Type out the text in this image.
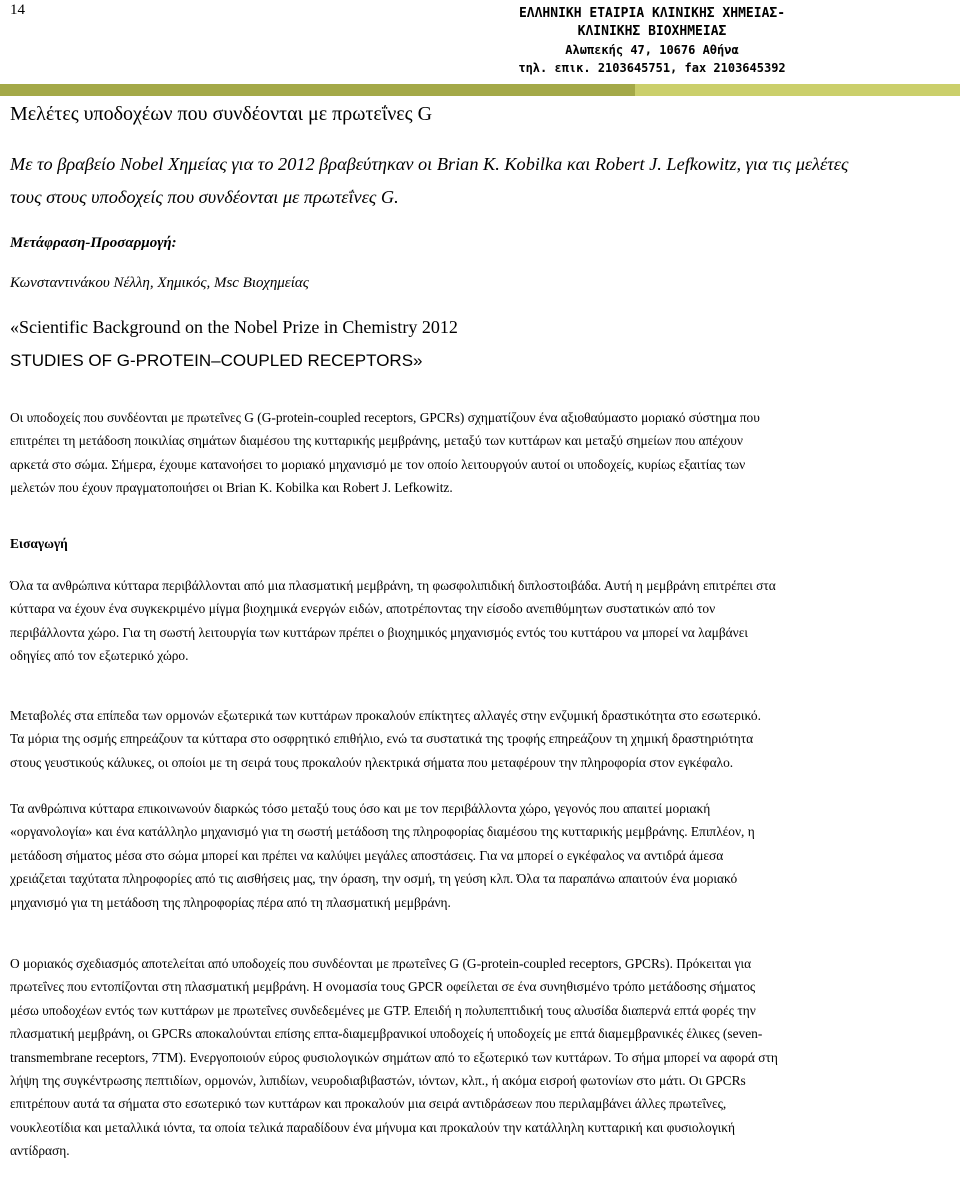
14	ΕΛΛΗΝΙΚΗ ΕΤΑΙΡΙΑ ΚΛΙΝΙΚΗΣ ΧΗΜΕΙΑΣ-
ΚΛΙΝΙΚΗΣ ΒΙΟΧΗΜΕΙΑΣ
Αλωπεκής 47, 10676 Αθήνα
τηλ. επικ. 2103645751, fax 2103645392
Μελέτες υποδοχέων που συνδέονται με πρωτεΐνες G
Με το βραβείο Nobel Χημείας για το 2012 βραβεύτηκαν οι Brian K. Kobilka και Robert J. Lefkowitz, για τις μελέτες
τους στους υποδοχείς που συνδέονται με πρωτεΐνες G.
Μετάφραση-Προσαρμογή:
Κωνσταντινάκου Νέλλη, Χημικός, Msc Βιοχημείας
«Scientific Background on the Nobel Prize in Chemistry 2012
STUDIES OF G-PROTEIN–COUPLED RECEPTORS»
Οι υποδοχείς που συνδέονται με πρωτεΐνες G (G-protein-coupled receptors, GPCRs) σχηματίζουν ένα αξιοθαύμαστο μοριακό σύστημα που
επιτρέπει τη μετάδοση ποικιλίας σημάτων διαμέσου της κυτταρικής μεμβράνης, μεταξύ των κυττάρων και μεταξύ σημείων που απέχουν
αρκετά στο σώμα. Σήμερα, έχουμε κατανοήσει το μοριακό μηχανισμό με τον οποίο λειτουργούν αυτοί οι υποδοχείς, κυρίως εξαιτίας των
μελετών που έχουν πραγματοποιήσει οι Brian K. Kobilka και Robert J. Lefkowitz.
Εισαγωγή
Όλα τα ανθρώπινα κύτταρα περιβάλλονται από μια πλασματική μεμβράνη, τη φωσφολιπιδική διπλοστοιβάδα. Αυτή η μεμβράνη επιτρέπει στα
κύτταρα να έχουν ένα συγκεκριμένο μίγμα βιοχημικά ενεργών ειδών, αποτρέποντας την είσοδο ανεπιθύμητων συστατικών από τον
περιβάλλοντα χώρο. Για τη σωστή λειτουργία των κυττάρων πρέπει ο βιοχημικός μηχανισμός εντός του κυττάρου να μπορεί να λαμβάνει
οδηγίες από τον εξωτερικό χώρο.
Μεταβολές στα επίπεδα των ορμονών εξωτερικά των κυττάρων προκαλούν επίκτητες αλλαγές στην ενζυμική δραστικότητα στο εσωτερικό.
Τα μόρια της οσμής επηρεάζουν τα κύτταρα στο οσφρητικό επιθήλιο, ενώ τα συστατικά της τροφής επηρεάζουν τη χημική δραστηριότητα
στους γευστικούς κάλυκες, οι οποίοι με τη σειρά τους προκαλούν ηλεκτρικά σήματα που μεταφέρουν την πληροφορία στον εγκέφαλο.
Τα ανθρώπινα κύτταρα επικοινωνούν διαρκώς τόσο μεταξύ τους όσο και με τον περιβάλλοντα χώρο, γεγονός που απαιτεί μοριακή
«οργανολογία» και ένα κατάλληλο μηχανισμό για τη σωστή μετάδοση της πληροφορίας διαμέσου της κυτταρικής μεμβράνης. Επιπλέον, η
μετάδοση σήματος μέσα στο σώμα μπορεί και πρέπει να καλύψει μεγάλες αποστάσεις. Για να μπορεί ο εγκέφαλος να αντιδρά άμεσα
χρειάζεται ταχύτατα πληροφορίες από τις αισθήσεις μας, την όραση, την οσμή, τη γεύση κλπ. Όλα τα παραπάνω απαιτούν ένα μοριακό
μηχανισμό για τη μετάδοση της πληροφορίας πέρα από τη πλασματική μεμβράνη.
Ο μοριακός σχεδιασμός αποτελείται από υποδοχείς που συνδέονται με πρωτεΐνες G (G-protein-coupled receptors, GPCRs). Πρόκειται για
πρωτεΐνες που εντοπίζονται στη πλασματική μεμβράνη. Η ονομασία τους GPCR οφείλεται σε ένα συνηθισμένο τρόπο μετάδοσης σήματος
μέσω υποδοχέων εντός των κυττάρων με πρωτεΐνες συνδεδεμένες με GTP. Επειδή η πολυπεπτιδική τους αλυσίδα διαπερνά επτά φορές την
πλασματική μεμβράνη, οι GPCRs αποκαλούνται επίσης επτα-διαμεμβρανικοί υποδοχείς ή υποδοχείς με επτά διαμεμβρανικές έλικες (seven-
transmembrane receptors, 7TM). Ενεργοποιούν εύρος φυσιολογικών σημάτων από το εξωτερικό των κυττάρων. Το σήμα μπορεί να αφορά στη
λήψη της συγκέντρωσης πεπτιδίων, ορμονών, λιπιδίων, νευροδιαβιβαστών, ιόντων, κλπ., ή ακόμα εισροή φωτονίων στο μάτι. Οι GPCRs
επιτρέπουν αυτά τα σήματα στο εσωτερικό των κυττάρων και προκαλούν μια σειρά αντιδράσεων που περιλαμβάνει άλλες πρωτεΐνες,
νουκλεοτίδια και μεταλλικά ιόντα, τα οποία τελικά παραδίδουν ένα μήνυμα και προκαλούν την κατάλληλη κυτταρική και φυσιολογική
αντίδραση.
